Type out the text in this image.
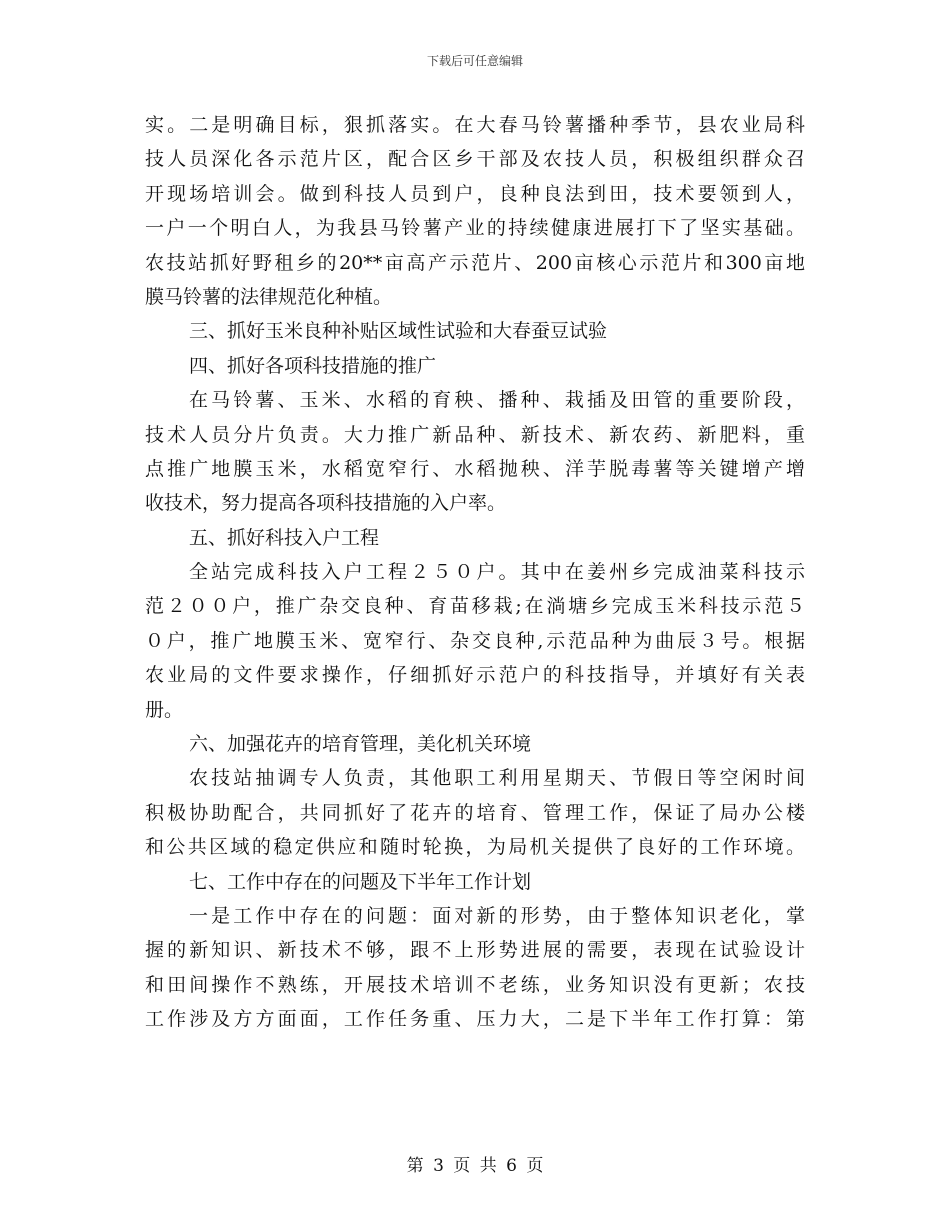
下载后可任意编辑
实。二是明确目标，狠抓落实。在大春马铃薯播种季节，县农业局科
技人员深化各示范片区，配合区乡干部及农技人员，积极组织群众召
开现场培训会。做到科技人员到户，良种良法到田，技术要领到人，
一户一个明白人，为我县马铃薯产业的持续健康进展打下了坚实基础。
农技站抓好野租乡的20**亩高产示范片、200亩核心示范片和300亩地
膜马铃薯的法律规范化种植。
三、抓好玉米良种补贴区域性试验和大春蚕豆试验
四、抓好各项科技措施的推广
在马铃薯、玉米、水稻的育秧、播种、栽插及田管的重要阶段，
技术人员分片负责。大力推广新品种、新技术、新农药、新肥料，重
点推广地膜玉米，水稻宽窄行、水稻抛秧、洋芋脱毒薯等关键增产增
收技术，努力提高各项科技措施的入户率。
五、抓好科技入户工程
全站完成科技入户工程２５０户。其中在姜州乡完成油菜科技示
范２００户，推广杂交良种、育苗移栽;在淌塘乡完成玉米科技示范５
０户，推广地膜玉米、宽窄行、杂交良种,示范品种为曲辰３号。根据
农业局的文件要求操作，仔细抓好示范户的科技指导，并填好有关表
册。
六、加强花卉的培育管理，美化机关环境
农技站抽调专人负责，其他职工利用星期天、节假日等空闲时间
积极协助配合，共同抓好了花卉的培育、管理工作，保证了局办公楼
和公共区域的稳定供应和随时轮换，为局机关提供了良好的工作环境。
七、工作中存在的问题及下半年工作计划
一是工作中存在的问题：面对新的形势，由于整体知识老化，掌
握的新知识、新技术不够，跟不上形势进展的需要，表现在试验设计
和田间操作不熟练，开展技术培训不老练，业务知识没有更新；农技
工作涉及方方面面，工作任务重、压力大，二是下半年工作打算：第
第 3 页 共 6 页
